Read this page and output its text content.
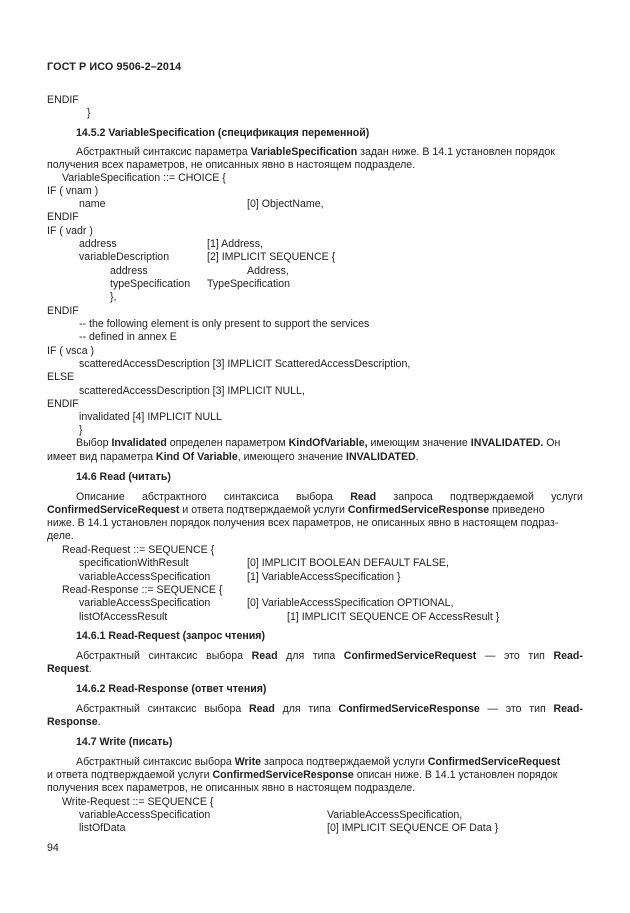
ГОСТ Р ИСО 9506-2–2014
ENDIF
}
14.5.2 VariableSpecification (спецификация переменной)
Абстрактный синтаксис параметра VariableSpecification задан ниже. В 14.1 установлен порядок
получения всех параметров, не описанных явно в настоящем подразделе.
VariableSpecification ::= CHOICE {
IF ( vnam )
name	[0] ObjectName,
ENDIF
IF ( vadr )
address	[1] Address,
variableDescription	[2] IMPLICIT SEQUENCE {
address	Address,
typeSpecification TypeSpecification
},
ENDIF
-- the following element is only present to support the services
-- defined in annex E
IF ( vsca )
scatteredAccessDescription [3] IMPLICIT ScatteredAccessDescription,
ELSE
scatteredAccessDescription [3] IMPLICIT NULL,
ENDIF
invalidated [4] IMPLICIT NULL
}
Выбор Invalidated определен параметром KindOfVariable, имеющим значение INVALIDATED. Он
имеет вид параметра Kind Of Variable, имеющего значение INVALIDATED.
14.6 Read (читать)
Описание абстрактного синтаксиса выбора Read запроса подтверждаемой услуги
ConfirmedServiceRequest и ответа подтверждаемой услуги ConfirmedServiceResponse приведено
ниже. В 14.1 установлен порядок получения всех параметров, не описанных явно в настоящем подраз-
деле.
Read-Request ::= SEQUENCE {
specificationWithResult	[0] IMPLICIT BOOLEAN DEFAULT FALSE,
variableAccessSpecification	[1] VariableAccessSpecification }
Read-Response ::= SEQUENCE {
variableAccessSpecification	[0] VariableAccessSpecification OPTIONAL,
listOfAccessResult	[1] IMPLICIT SEQUENCE OF AccessResult }
14.6.1 Read-Request (запрос чтения)
Абстрактный синтаксис выбора Read для типа ConfirmedServiceRequest — это тип Read-
Request.
14.6.2 Read-Response (ответ чтения)
Абстрактный синтаксис выбора Read для типа ConfirmedServiceResponse — это тип Read-
Response.
14.7 Write (писать)
Абстрактный синтаксис выбора Write запроса подтверждаемой услуги ConfirmedServiceRequest
и ответа подтверждаемой услуги ConfirmedServiceResponse описан ниже. В 14.1 установлен порядок
получения всех параметров, не описанных явно в настоящем подразделе.
Write-Request ::= SEQUENCE {
variableAccessSpecification	VariableAccessSpecification,
listOfData	[0] IMPLICIT SEQUENCE OF Data }
94
